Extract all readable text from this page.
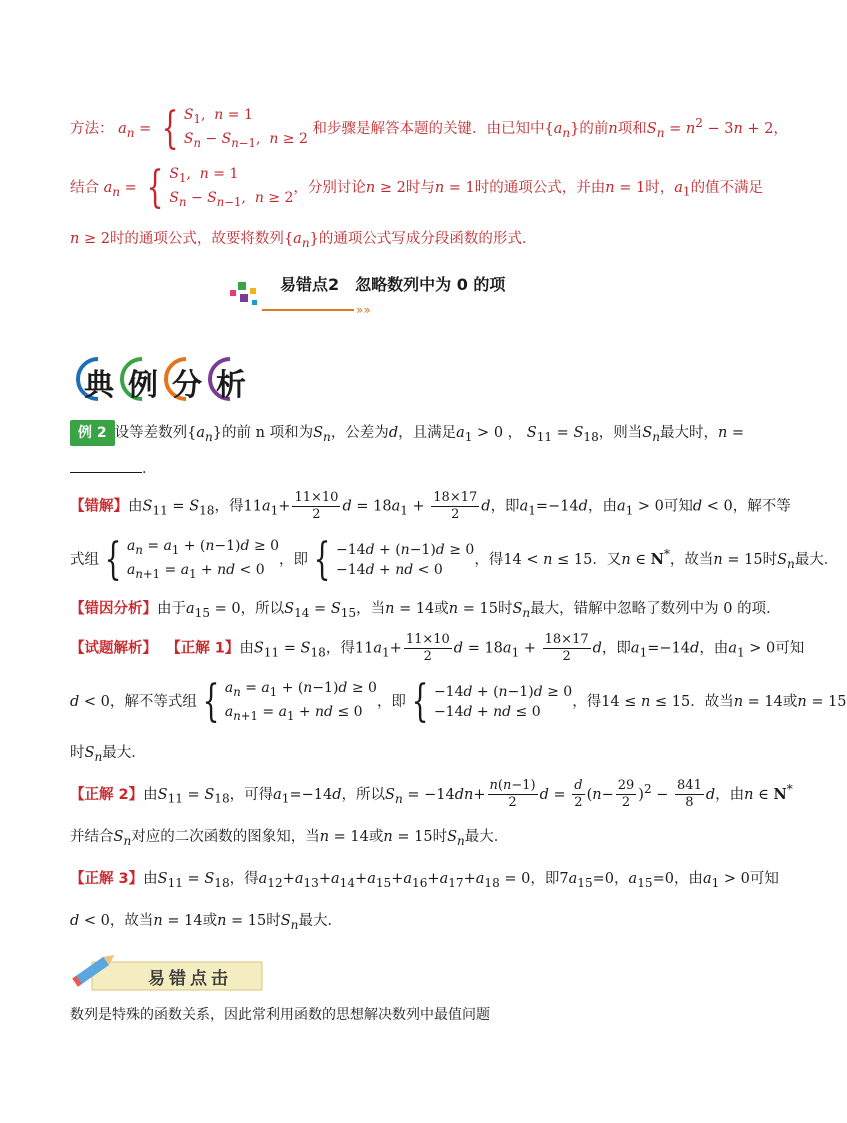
方法： $a_n$ = { $S_1$,  n = 1
$S_n - S_{n-1}$,  n ≥ 2 和步骤是解答本题的关键．由已知中$\{a_n\}$的前n项和$S_n = n^2 - 3n + 2$，
结合 $a_n$ = { $S_1$,  n = 1
$S_n - S_{n-1}$,  n ≥ 2，分别讨论n ≥ 2时与n = 1时的通项公式，并由n = 1时，$a_1$的值不满足
n ≥ 2时的通项公式，故要将数列$\{a_n\}$的通项公式写成分段函数的形式．
»»
易错点2　忽略数列中为 0 的项
典 例 分 析
例 2 设等差数列$\{a_n\}$的前 n 项和为$S_n$，公差为d，且满足$a_1 > 0$ ， $S_{11} = S_{18}$，则当$S_n$最大时，n =
．
【错解】由$S_{11} = S_{18}$，得$11a_1+ \frac{11\times 10}{2}$ $d = 18a_1 + \frac{18\times 17}{2}$ d，即$a_1=-14d$，由$a_1 > 0$可知d < 0，解不等
式组 { $a_n = a_1 + (n-1)d \ge 0$
$a_{n+1} = a_1$ + nd < 0，即 { −14d + (n−1)d ≥ 0
−14d + nd < 0，得14 < n ≤ 15．又n ∈ N*，故当n = 15时$S_n$最大．
【错因分析】由于$a_{15} = 0$，所以$S_{14} = S_{15}$，当n = 14或n = 15时$S_n$最大，错解中忽略了数列中为 0 的项．
【试题解析】 【正解 1】由$S_{11} = S_{18}$，得$11a_1+ \frac{11\times 10}{2}$ $d = 18a_1 + \frac{18\times 17}{2}$ d，即$a_1=-14d$，由$a_1 > 0$可知
d < 0，解不等式组 { $a_n = a_1 + (n-1)d \ge 0$
$a_{n+1} = a_1$ + nd ≤ 0，即 { −14d + (n−1)d ≥ 0
−14d + nd ≤ 0，得14 ≤ n ≤ 15．故当n = 14或n = 15
时$S_n$最大．
【正解 2】由$S_{11} = S_{18}$，可得$a_1=-14d$，所以$S_n = -14dn+ \frac{n(n-1)}{2}$ $d = \frac{d}{2} (n- \frac{29}{2} )^2 - \frac{841}{8}$ d，由n ∈ N*
并结合$S_n$对应的二次函数的图象知，当n = 14或n = 15时$S_n$最大．
【正解 3】由$S_{11} = S_{18}$，得$a_{12}+a_{13}+a_{14}+a_{15}+a_{16}+a_{17}+a_{18} = 0$，即$7a_{15}=0$，$a_{15}=0$，由$a_1 > 0$可知
d < 0，故当n = 14或n = 15时$S_n$最大．
易错点击
数列是特殊的函数关系，因此常利用函数的思想解决数列中最值问题
